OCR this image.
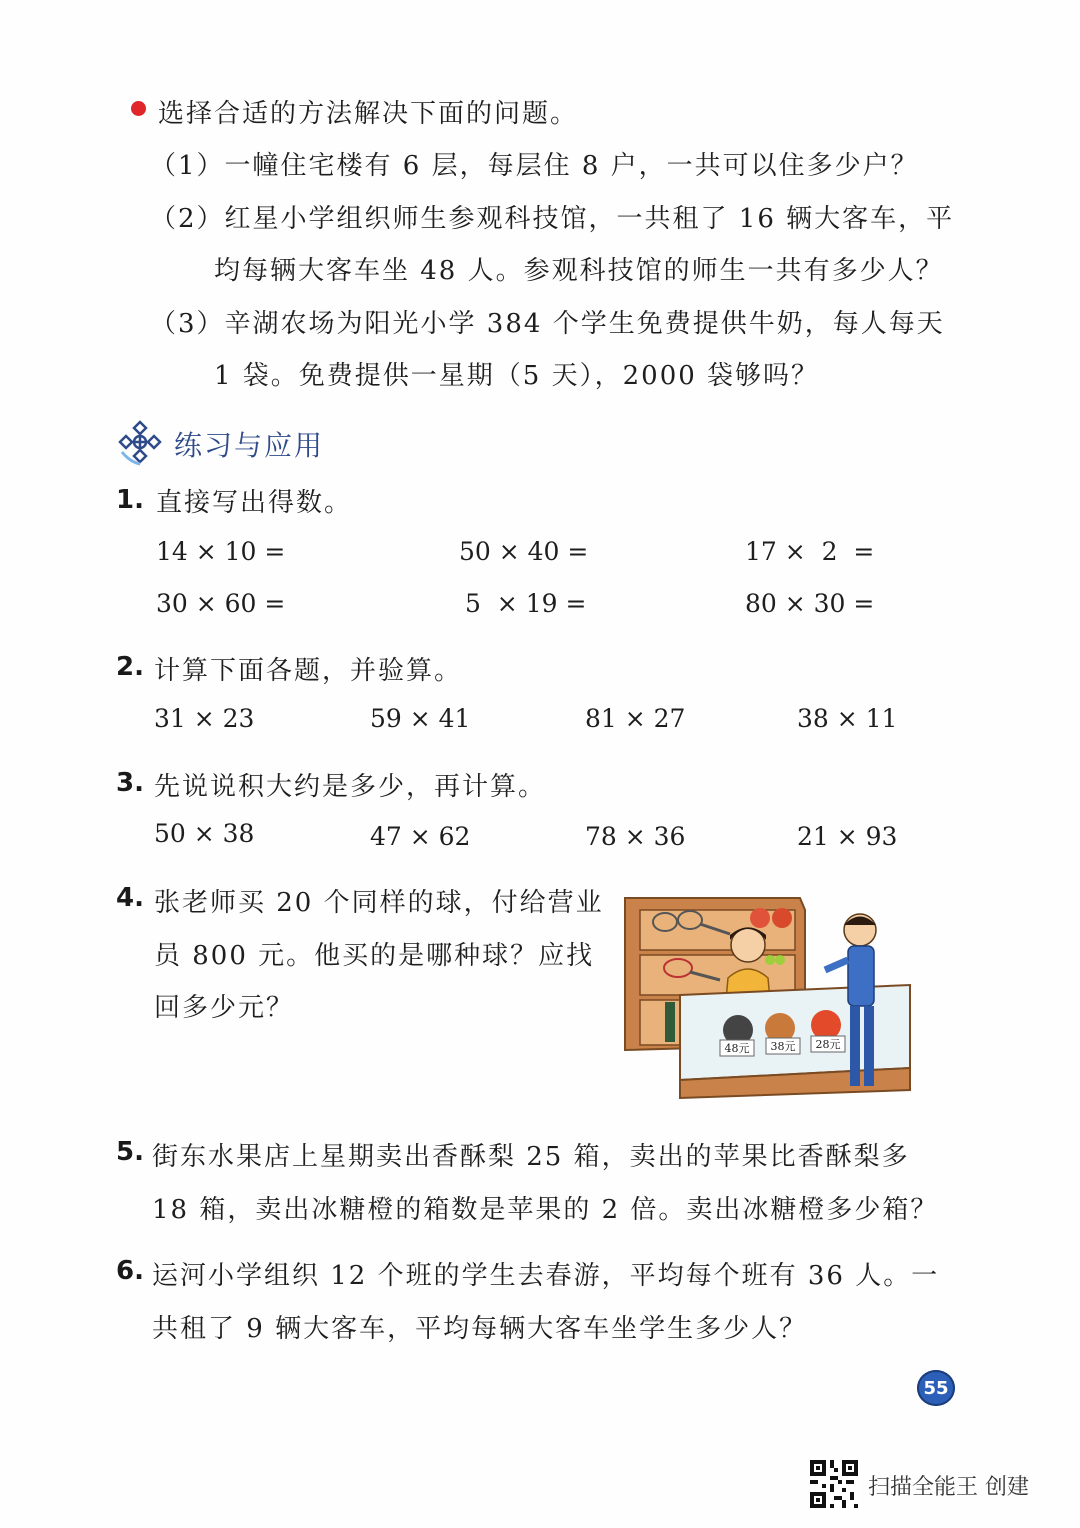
选择合适的方法解决下面的问题。
（1）一幢住宅楼有 6 层，每层住 8 户，一共可以住多少户？
（2）红星小学组织师生参观科技馆，一共租了 16 辆大客车，平
均每辆大客车坐 48 人。参观科技馆的师生一共有多少人？
（3）辛湖农场为阳光小学 384 个学生免费提供牛奶，每人每天
1 袋。免费提供一星期（5 天），2000 袋够吗？
练习与应用
1. 直接写出得数。
14 × 10 =	50 × 40 =	17 ×  2  =
30 × 60 =	5  × 19 =	80 × 30 =
2. 计算下面各题，并验算。
31 × 23	59 × 41	81 × 27	38 × 11
3. 先说说积大约是多少，再计算。
50 × 38	47 × 62	78 × 36	21 × 93
4. 张老师买 20 个同样的球，付给营业
员 800 元。他买的是哪种球？应找
回多少元？
48元 38元 28元
5. 街东水果店上星期卖出香酥梨 25 箱，卖出的苹果比香酥梨多
18 箱，卖出冰糖橙的箱数是苹果的 2 倍。卖出冰糖橙多少箱？
6. 运河小学组织 12 个班的学生去春游，平均每个班有 36 人。一
共租了 9 辆大客车，平均每辆大客车坐学生多少人？
55
扫描全能王 创建
